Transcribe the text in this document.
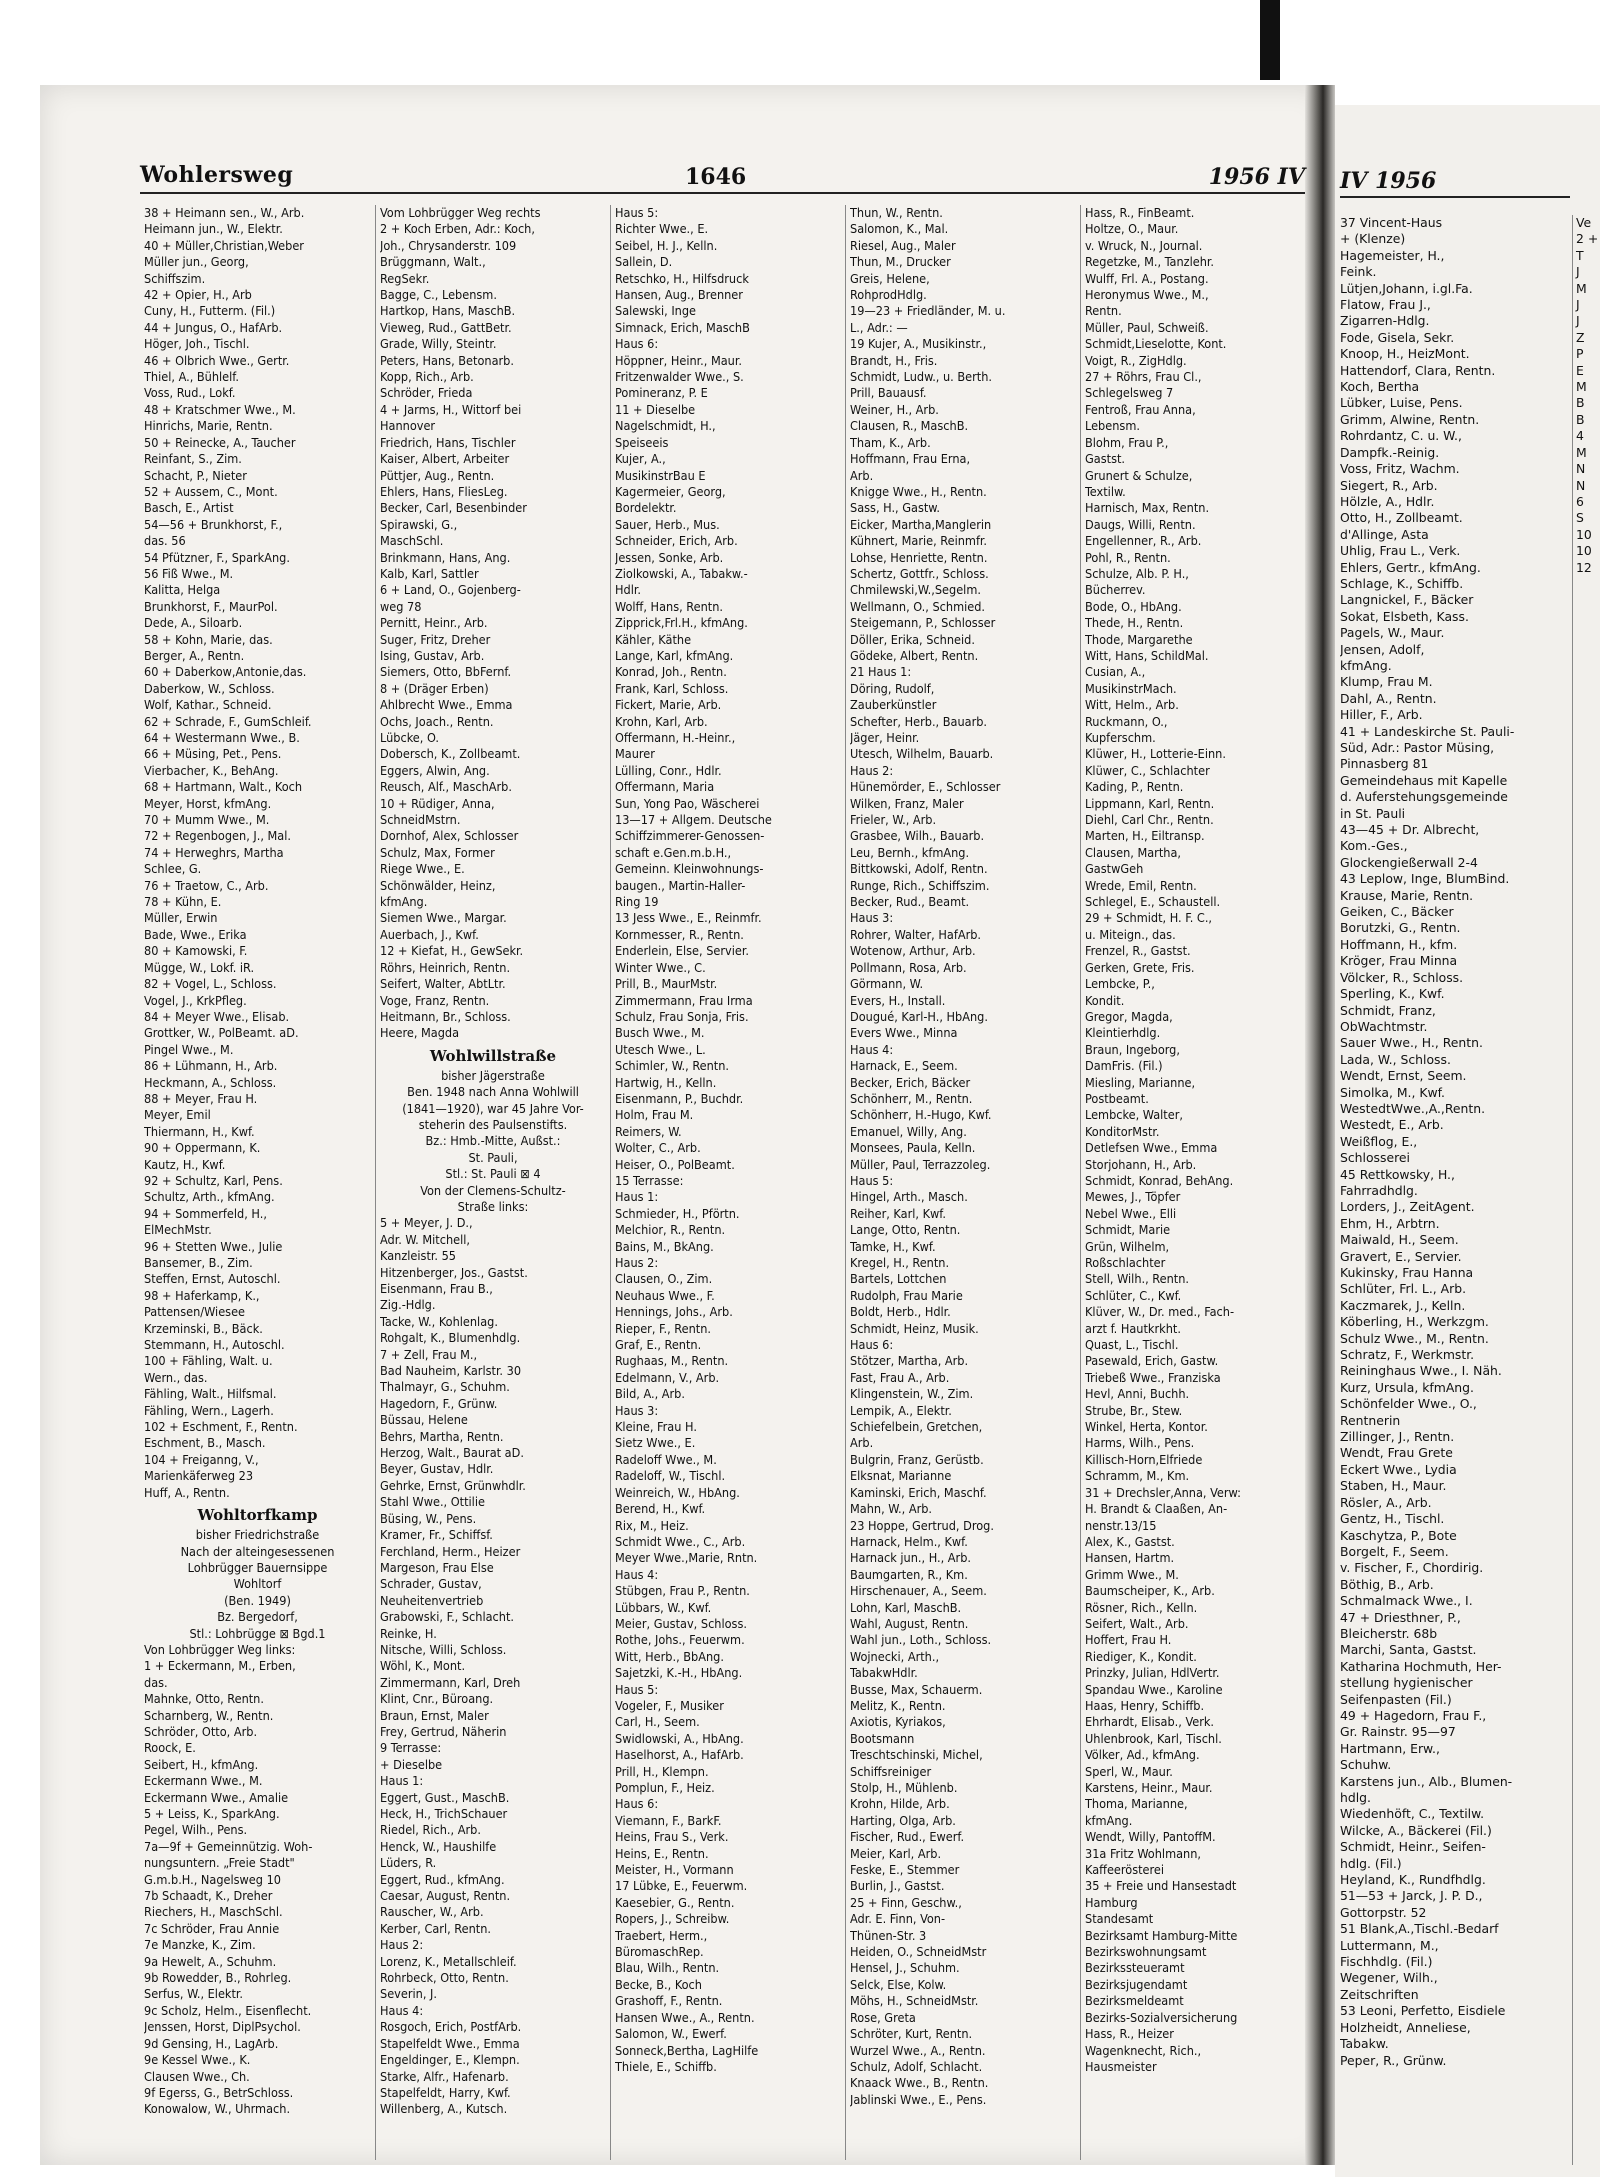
Wohlersweg	1646	1956 IV IV 1956
38 + Heimann sen., W., Arb.
Heimann jun., W., Elektr.
40 + Müller,Christian,Weber
Müller jun., Georg,
Schiffszim.
42 + Opier, H., Arb
Cuny, H., Futterm. (Fil.)
44 + Jungus, O., HafArb.
Höger, Joh., Tischl.
46 + Olbrich Wwe., Gertr.
Thiel, A., Bühlelf.
Voss, Rud., Lokf.
48 + Kratschmer Wwe., M.
Hinrichs, Marie, Rentn.
50 + Reinecke, A., Taucher
Reinfant, S., Zim.
Schacht, P., Nieter
52 + Aussem, C., Mont.
Basch, E., Artist
54—56 + Brunkhorst, F.,
das. 56
54 Pfützner, F., SparkAng.
56 Fiß Wwe., M.
Kalitta, Helga
Brunkhorst, F., MaurPol.
Dede, A., Siloarb.
58 + Kohn, Marie, das.
Berger, A., Rentn.
60 + Daberkow,Antonie,das.
Daberkow, W., Schloss.
Wolf, Kathar., Schneid.
62 + Schrade, F., GumSchleif.
64 + Westermann Wwe., B.
66 + Müsing, Pet., Pens.
Vierbacher, K., BehAng.
68 + Hartmann, Walt., Koch
Meyer, Horst, kfmAng.
70 + Mumm Wwe., M.
72 + Regenbogen, J., Mal.
74 + Herweghrs, Martha
Schlee, G.
76 + Traetow, C., Arb.
78 + Kühn, E.
Müller, Erwin
Bade, Wwe., Erika
80 + Kamowski, F.
Mügge, W., Lokf. iR.
82 + Vogel, L., Schloss.
Vogel, J., KrkPfleg.
84 + Meyer Wwe., Elisab.
Grottker, W., PolBeamt. aD.
Pingel Wwe., M.
86 + Lühmann, H., Arb.
Heckmann, A., Schloss.
88 + Meyer, Frau H.
Meyer, Emil
Thiermann, H., Kwf.
90 + Oppermann, K.
Kautz, H., Kwf.
92 + Schultz, Karl, Pens.
Schultz, Arth., kfmAng.
94 + Sommerfeld, H.,
ElMechMstr.
96 + Stetten Wwe., Julie
Bansemer, B., Zim.
Steffen, Ernst, Autoschl.
98 + Haferkamp, K.,
Pattensen/Wiesee
Krzeminski, B., Bäck.
Stemmann, H., Autoschl.
100 + Fähling, Walt. u.
Wern., das.
Fähling, Walt., Hilfsmal.
Fähling, Wern., Lagerh.
102 + Eschment, F., Rentn.
Eschment, B., Masch.
104 + Freiganng, V.,
Marienkäferweg 23
Huff, A., Rentn.
Wohltorfkamp
bisher Friedrichstraße
Nach der alteingesessenen
Lohbrügger Bauernsippe
Wohltorf
(Ben. 1949)
Bz. Bergedorf,
Stl.: Lohbrügge ⊠ Bgd.1
Von Lohbrügger Weg links:
1 + Eckermann, M., Erben,
das.
Mahnke, Otto, Rentn.
Scharnberg, W., Rentn.
Schröder, Otto, Arb.
Roock, E.
Seibert, H., kfmAng.
Eckermann Wwe., M.
Eckermann Wwe., Amalie
5 + Leiss, K., SparkAng.
Pegel, Wilh., Pens.
7a—9f + Gemeinnützig. Woh-
nungsuntern. „Freie Stadt"
G.m.b.H., Nagelsweg 10
7b Schaadt, K., Dreher
Riechers, H., MaschSchl.
7c Schröder, Frau Annie
7e Manzke, K., Zim.
9a Hewelt, A., Schuhm.
9b Rowedder, B., Rohrleg.
Serfus, W., Elektr.
9c Scholz, Helm., Eisenflecht.
Jenssen, Horst, DiplPsychol.
9d Gensing, H., LagArb.
9e Kessel Wwe., K.
Clausen Wwe., Ch.
9f Egerss, G., BetrSchloss.
Konowalow, W., Uhrmach.
Vom Lohbrügger Weg rechts
2 + Koch Erben, Adr.: Koch,
Joh., Chrysanderstr. 109
Brüggmann, Walt.,
RegSekr.
Bagge, C., Lebensm.
Hartkop, Hans, MaschB.
Vieweg, Rud., GattBetr.
Grade, Willy, Steintr.
Peters, Hans, Betonarb.
Kopp, Rich., Arb.
Schröder, Frieda
4 + Jarms, H., Wittorf bei
Hannover
Friedrich, Hans, Tischler
Kaiser, Albert, Arbeiter
Püttjer, Aug., Rentn.
Ehlers, Hans, FliesLeg.
Becker, Carl, Besenbinder
Spirawski, G.,
MaschSchl.
Brinkmann, Hans, Ang.
Kalb, Karl, Sattler
6 + Land, O., Gojenberg-
weg 78
Pernitt, Heinr., Arb.
Suger, Fritz, Dreher
Ising, Gustav, Arb.
Siemers, Otto, BbFernf.
8 + (Dräger Erben)
Ahlbrecht Wwe., Emma
Ochs, Joach., Rentn.
Lübcke, O.
Dobersch, K., Zollbeamt.
Eggers, Alwin, Ang.
Reusch, Alf., MaschArb.
10 + Rüdiger, Anna,
SchneidMstrn.
Dornhof, Alex, Schlosser
Schulz, Max, Former
Riege Wwe., E.
Schönwälder, Heinz,
kfmAng.
Siemen Wwe., Margar.
Auerbach, J., Kwf.
12 + Kiefat, H., GewSekr.
Röhrs, Heinrich, Rentn.
Seifert, Walter, AbtLtr.
Voge, Franz, Rentn.
Heitmann, Br., Schloss.
Heere, Magda
Wohlwillstraße
bisher Jägerstraße
Ben. 1948 nach Anna Wohlwill
(1841—1920), war 45 Jahre Vor-
steherin des Paulsenstifts.
Bz.: Hmb.-Mitte, Außst.:
St. Pauli,
Stl.: St. Pauli ⊠ 4
Von der Clemens-Schultz-
Straße links:
5 + Meyer, J. D.,
Adr. W. Mitchell,
Kanzleistr. 55
Hitzenberger, Jos., Gastst.
Eisenmann, Frau B.,
Zig.-Hdlg.
Tacke, W., Kohlenlag.
Rohgalt, K., Blumenhdlg.
7 + Zell, Frau M.,
Bad Nauheim, Karlstr. 30
Thalmayr, G., Schuhm.
Hagedorn, F., Grünw.
Büssau, Helene
Behrs, Martha, Rentn.
Herzog, Walt., Baurat aD.
Beyer, Gustav, Hdlr.
Gehrke, Ernst, Grünwhdlr.
Stahl Wwe., Ottilie
Büsing, W., Pens.
Kramer, Fr., Schiffsf.
Ferchland, Herm., Heizer
Margeson, Frau Else
Schrader, Gustav,
Neuheitenvertrieb
Grabowski, F., Schlacht.
Reinke, H.
Nitsche, Willi, Schloss.
Wöhl, K., Mont.
Zimmermann, Karl, Dreh
Klint, Cnr., Büroang.
Braun, Ernst, Maler
Frey, Gertrud, Näherin
9 Terrasse:
+ Dieselbe
Haus 1:
Eggert, Gust., MaschB.
Heck, H., TrichSchauer
Riedel, Rich., Arb.
Henck, W., Haushilfe
Lüders, R.
Eggert, Rud., kfmAng.
Caesar, August, Rentn.
Rauscher, W., Arb.
Kerber, Carl, Rentn.
Haus 2:
Lorenz, K., Metallschleif.
Rohrbeck, Otto, Rentn.
Severin, J.
Haus 4:
Rosgoch, Erich, PostfArb.
Stapelfeldt Wwe., Emma
Engeldinger, E., Klempn.
Starke, Alfr., Hafenarb.
Stapelfeldt, Harry, Kwf.
Willenberg, A., Kutsch.
Haus 5:
Richter Wwe., E.
Seibel, H. J., Kelln.
Sallein, D.
Retschko, H., Hilfsdruck
Hansen, Aug., Brenner
Salewski, Inge
Simnack, Erich, MaschB
Haus 6:
Höppner, Heinr., Maur.
Fritzenwalder Wwe., S.
Pomineranz, P. E
11 + Dieselbe
Nagelschmidt, H.,
Speiseeis
Kujer, A.,
MusikinstrBau E
Kagermeier, Georg,
Bordelektr.
Sauer, Herb., Mus.
Schneider, Erich, Arb.
Jessen, Sonke, Arb.
Ziolkowski, A., Tabakw.-
Hdlr.
Wolff, Hans, Rentn.
Zipprick,Frl.H., kfmAng.
Kähler, Käthe
Lange, Karl, kfmAng.
Konrad, Joh., Rentn.
Frank, Karl, Schloss.
Fickert, Marie, Arb.
Krohn, Karl, Arb.
Offermann, H.-Heinr.,
Maurer
Lülling, Conr., Hdlr.
Offermann, Maria
Sun, Yong Pao, Wäscherei
13—17 + Allgem. Deutsche
Schiffzimmerer-Genossen-
schaft e.Gen.m.b.H.,
Gemeinn. Kleinwohnungs-
baugen., Martin-Haller-
Ring 19
13 Jess Wwe., E., Reinmfr.
Kornmesser, R., Rentn.
Enderlein, Else, Servier.
Winter Wwe., C.
Prill, B., MaurMstr.
Zimmermann, Frau Irma
Schulz, Frau Sonja, Fris.
Busch Wwe., M.
Utesch Wwe., L.
Schimler, W., Rentn.
Hartwig, H., Kelln.
Eisenmann, P., Buchdr.
Holm, Frau M.
Reimers, W.
Wolter, C., Arb.
Heiser, O., PolBeamt.
15 Terrasse:
Haus 1:
Schmieder, H., Pförtn.
Melchior, R., Rentn.
Bains, M., BkAng.
Haus 2:
Clausen, O., Zim.
Neuhaus Wwe., F.
Hennings, Johs., Arb.
Rieper, F., Rentn.
Graf, E., Rentn.
Rughaas, M., Rentn.
Edelmann, V., Arb.
Bild, A., Arb.
Haus 3:
Kleine, Frau H.
Sietz Wwe., E.
Radeloff Wwe., M.
Radeloff, W., Tischl.
Weinreich, W., HbAng.
Berend, H., Kwf.
Rix, M., Heiz.
Schmidt Wwe., C., Arb.
Meyer Wwe.,Marie, Rntn.
Haus 4:
Stübgen, Frau P., Rentn.
Lübbars, W., Kwf.
Meier, Gustav, Schloss.
Rothe, Johs., Feuerwm.
Witt, Herb., BbAng.
Sajetzki, K.-H., HbAng.
Haus 5:
Vogeler, F., Musiker
Carl, H., Seem.
Swidlowski, A., HbAng.
Haselhorst, A., HafArb.
Prill, H., Klempn.
Pomplun, F., Heiz.
Haus 6:
Viemann, F., BarkF.
Heins, Frau S., Verk.
Heins, E., Rentn.
Meister, H., Vormann
17 Lübke, E., Feuerwm.
Kaesebier, G., Rentn.
Ropers, J., Schreibw.
Traebert, Herm.,
BüromaschRep.
Blau, Wilh., Rentn.
Becke, B., Koch
Grashoff, F., Rentn.
Hansen Wwe., A., Rentn.
Salomon, W., Ewerf.
Sonneck,Bertha, LagHilfe
Thiele, E., Schiffb.
Thun, W., Rentn.
Salomon, K., Mal.
Riesel, Aug., Maler
Thun, M., Drucker
Greis, Helene,
RohprodHdlg.
19—23 + Friedländer, M. u.
L., Adr.: —
19 Kujer, A., Musikinstr.,
Brandt, H., Fris.
Schmidt, Ludw., u. Berth.
Prill, Bauausf.
Weiner, H., Arb.
Clausen, R., MaschB.
Tham, K., Arb.
Hoffmann, Frau Erna,
Arb.
Knigge Wwe., H., Rentn.
Sass, H., Gastw.
Eicker, Martha,Manglerin
Kühnert, Marie, Reinmfr.
Lohse, Henriette, Rentn.
Schertz, Gottfr., Schloss.
Chmilewski,W.,Segelm.
Wellmann, O., Schmied.
Steigemann, P., Schlosser
Döller, Erika, Schneid.
Gödeke, Albert, Rentn.
21 Haus 1:
Döring, Rudolf,
Zauberkünstler
Schefter, Herb., Bauarb.
Jäger, Heinr.
Utesch, Wilhelm, Bauarb.
Haus 2:
Hünemörder, E., Schlosser
Wilken, Franz, Maler
Frieler, W., Arb.
Grasbee, Wilh., Bauarb.
Leu, Bernh., kfmAng.
Bittkowski, Adolf, Rentn.
Runge, Rich., Schiffszim.
Becker, Rud., Beamt.
Haus 3:
Rohrer, Walter, HafArb.
Wotenow, Arthur, Arb.
Pollmann, Rosa, Arb.
Görmann, W.
Evers, H., Install.
Dougué, Karl-H., HbAng.
Evers Wwe., Minna
Haus 4:
Harnack, E., Seem.
Becker, Erich, Bäcker
Schönherr, M., Rentn.
Schönherr, H.-Hugo, Kwf.
Emanuel, Willy, Ang.
Monsees, Paula, Kelln.
Müller, Paul, Terrazzoleg.
Haus 5:
Hingel, Arth., Masch.
Reiher, Karl, Kwf.
Lange, Otto, Rentn.
Tamke, H., Kwf.
Kregel, H., Rentn.
Bartels, Lottchen
Rudolph, Frau Marie
Boldt, Herb., Hdlr.
Schmidt, Heinz, Musik.
Haus 6:
Stötzer, Martha, Arb.
Fast, Frau A., Arb.
Klingenstein, W., Zim.
Lempik, A., Elektr.
Schiefelbein, Gretchen,
Arb.
Bulgrin, Franz, Gerüstb.
Elksnat, Marianne
Kaminski, Erich, Maschf.
Mahn, W., Arb.
23 Hoppe, Gertrud, Drog.
Harnack, Helm., Kwf.
Harnack jun., H., Arb.
Baumgarten, R., Km.
Hirschenauer, A., Seem.
Lohn, Karl, MaschB.
Wahl, August, Rentn.
Wahl jun., Loth., Schloss.
Wojnecki, Arth.,
TabakwHdlr.
Busse, Max, Schauerm.
Melitz, K., Rentn.
Axiotis, Kyriakos,
Bootsmann
Treschtschinski, Michel,
Schiffsreiniger
Stolp, H., Mühlenb.
Krohn, Hilde, Arb.
Harting, Olga, Arb.
Fischer, Rud., Ewerf.
Meier, Karl, Arb.
Feske, E., Stemmer
Burlin, J., Gastst.
25 + Finn, Geschw.,
Adr. E. Finn, Von-
Thünen-Str. 3
Heiden, O., SchneidMstr
Hensel, J., Schuhm.
Selck, Else, Kolw.
Möhs, H., SchneidMstr.
Rose, Greta
Schröter, Kurt, Rentn.
Wurzel Wwe., A., Rentn.
Schulz, Adolf, Schlacht.
Knaack Wwe., B., Rentn.
Jablinski Wwe., E., Pens.
Hass, R., FinBeamt.
Holtze, O., Maur.
v. Wruck, N., Journal.
Regetzke, M., Tanzlehr.
Wulff, Frl. A., Postang.
Heronymus Wwe., M.,
Rentn.
Müller, Paul, Schweiß.
Schmidt,Lieselotte, Kont.
Voigt, R., ZigHdlg.
27 + Röhrs, Frau Cl.,
Schlegelsweg 7
Fentroß, Frau Anna,
Lebensm.
Blohm, Frau P.,
Gastst.
Grunert & Schulze,
Textilw.
Harnisch, Max, Rentn.
Daugs, Willi, Rentn.
Engellenner, R., Arb.
Pohl, R., Rentn.
Schulze, Alb. P. H.,
Bücherrev.
Bode, O., HbAng.
Thede, H., Rentn.
Thode, Margarethe
Witt, Hans, SchildMal.
Cusian, A.,
MusikinstrMach.
Witt, Helm., Arb.
Ruckmann, O.,
Kupferschm.
Klüwer, H., Lotterie-Einn.
Klüwer, C., Schlachter
Kading, P., Rentn.
Lippmann, Karl, Rentn.
Diehl, Carl Chr., Rentn.
Marten, H., Eiltransp.
Clausen, Martha,
GastwGeh
Wrede, Emil, Rentn.
Schlegel, E., Schaustell.
29 + Schmidt, H. F. C.,
u. Miteign., das.
Frenzel, R., Gastst.
Gerken, Grete, Fris.
Lembcke, P.,
Kondit.
Gregor, Magda,
Kleintierhdlg.
Braun, Ingeborg,
DamFris. (Fil.)
Miesling, Marianne,
Postbeamt.
Lembcke, Walter,
KonditorMstr.
Detlefsen Wwe., Emma
Storjohann, H., Arb.
Schmidt, Konrad, BehAng.
Mewes, J., Töpfer
Nebel Wwe., Elli
Schmidt, Marie
Grün, Wilhelm,
Roßschlachter
Stell, Wilh., Rentn.
Schlüter, C., Kwf.
Klüver, W., Dr. med., Fach-
arzt f. Hautkrkht.
Quast, L., Tischl.
Pasewald, Erich, Gastw.
Triebeß Wwe., Franziska
Hevl, Anni, Buchh.
Strube, Br., Stew.
Winkel, Herta, Kontor.
Harms, Wilh., Pens.
Killisch-Horn,Elfriede
Schramm, M., Km.
31 + Drechsler,Anna, Verw:
H. Brandt & Claaßen, An-
nenstr.13/15
Alex, K., Gastst.
Hansen, Hartm.
Grimm Wwe., M.
Baumscheiper, K., Arb.
Rösner, Rich., Kelln.
Seifert, Walt., Arb.
Hoffert, Frau H.
Riediger, K., Kondit.
Prinzky, Julian, HdlVertr.
Spandau Wwe., Karoline
Haas, Henry, Schiffb.
Ehrhardt, Elisab., Verk.
Uhlenbrook, Karl, Tischl.
Völker, Ad., kfmAng.
Sperl, W., Maur.
Karstens, Heinr., Maur.
Thoma, Marianne,
kfmAng.
Wendt, Willy, PantoffM.
31a Fritz Wohlmann,
Kaffeerösterei
35 + Freie und Hansestadt
Hamburg
Standesamt
Bezirksamt Hamburg-Mitte
Bezirkswohnungsamt
Bezirkssteueramt
Bezirksjugendamt
Bezirksmeldeamt
Bezirks-Sozialversicherung
Hass, R., Heizer
Wagenknecht, Rich.,
Hausmeister
37 Vincent-Haus
+ (Klenze)
Hagemeister, H.,
Feink.
Lütjen,Johann, i.gl.Fa.
Flatow, Frau J.,
Zigarren-Hdlg.
Fode, Gisela, Sekr.
Knoop, H., HeizMont.
Hattendorf, Clara, Rentn.
Koch, Bertha
Lübker, Luise, Pens.
Grimm, Alwine, Rentn.
Rohrdantz, C. u. W.,
Dampfk.-Reinig.
Voss, Fritz, Wachm.
Siegert, R., Arb.
Hölzle, A., Hdlr.
Otto, H., Zollbeamt.
d'Allinge, Asta
Uhlig, Frau L., Verk.
Ehlers, Gertr., kfmAng.
Schlage, K., Schiffb.
Langnickel, F., Bäcker
Sokat, Elsbeth, Kass.
Pagels, W., Maur.
Jensen, Adolf,
kfmAng.
Klump, Frau M.
Dahl, A., Rentn.
Hiller, F., Arb.
41 + Landeskirche St. Pauli-
Süd, Adr.: Pastor Müsing,
Pinnasberg 81
Gemeindehaus mit Kapelle
d. Auferstehungsgemeinde
in St. Pauli
43—45 + Dr. Albrecht,
Kom.-Ges.,
Glockengießerwall 2-4
43 Leplow, Inge, BlumBind.
Krause, Marie, Rentn.
Geiken, C., Bäcker
Borutzki, G., Rentn.
Hoffmann, H., kfm.
Kröger, Frau Minna
Völcker, R., Schloss.
Sperling, K., Kwf.
Schmidt, Franz,
ObWachtmstr.
Sauer Wwe., H., Rentn.
Lada, W., Schloss.
Wendt, Ernst, Seem.
Simolka, M., Kwf.
WestedtWwe.,A.,Rentn.
Westedt, E., Arb.
Weißflog, E.,
Schlosserei
45 Rettkowsky, H.,
Fahrradhdlg.
Lorders, J., ZeitAgent.
Ehm, H., Arbtrn.
Maiwald, H., Seem.
Gravert, E., Servier.
Kukinsky, Frau Hanna
Schlüter, Frl. L., Arb.
Kaczmarek, J., Kelln.
Köberling, H., Werkzgm.
Schulz Wwe., M., Rentn.
Schratz, F., Werkmstr.
Reininghaus Wwe., I. Näh.
Kurz, Ursula, kfmAng.
Schönfelder Wwe., O.,
Rentnerin
Zillinger, J., Rentn.
Wendt, Frau Grete
Eckert Wwe., Lydia
Staben, H., Maur.
Rösler, A., Arb.
Gentz, H., Tischl.
Kaschytza, P., Bote
Borgelt, F., Seem.
v. Fischer, F., Chordirig.
Böthig, B., Arb.
Schmalmack Wwe., I.
47 + Driesthner, P.,
Bleicherstr. 68b
Marchi, Santa, Gastst.
Katharina Hochmuth, Her-
stellung hygienischer
Seifenpasten (Fil.)
49 + Hagedorn, Frau F.,
Gr. Rainstr. 95—97
Hartmann, Erw.,
Schuhw.
Karstens jun., Alb., Blumen-
hdlg.
Wiedenhöft, C., Textilw.
Wilcke, A., Bäckerei (Fil.)
Schmidt, Heinr., Seifen-
hdlg. (Fil.)
Heyland, K., Rundfhdlg.
51—53 + Jarck, J. P. D.,
Gottorpstr. 52
51 Blank,A.,Tischl.-Bedarf
Luttermann, M.,
Fischhdlg. (Fil.)
Wegener, Wilh.,
Zeitschriften
53 Leoni, Perfetto, Eisdiele
Holzheidt, Anneliese,
Tabakw.
Peper, R., Grünw.
Ve
2 +
T
J
M
J
J
Z
P
E
M
B
B
4
M
N
N
6
S
10
10
12
